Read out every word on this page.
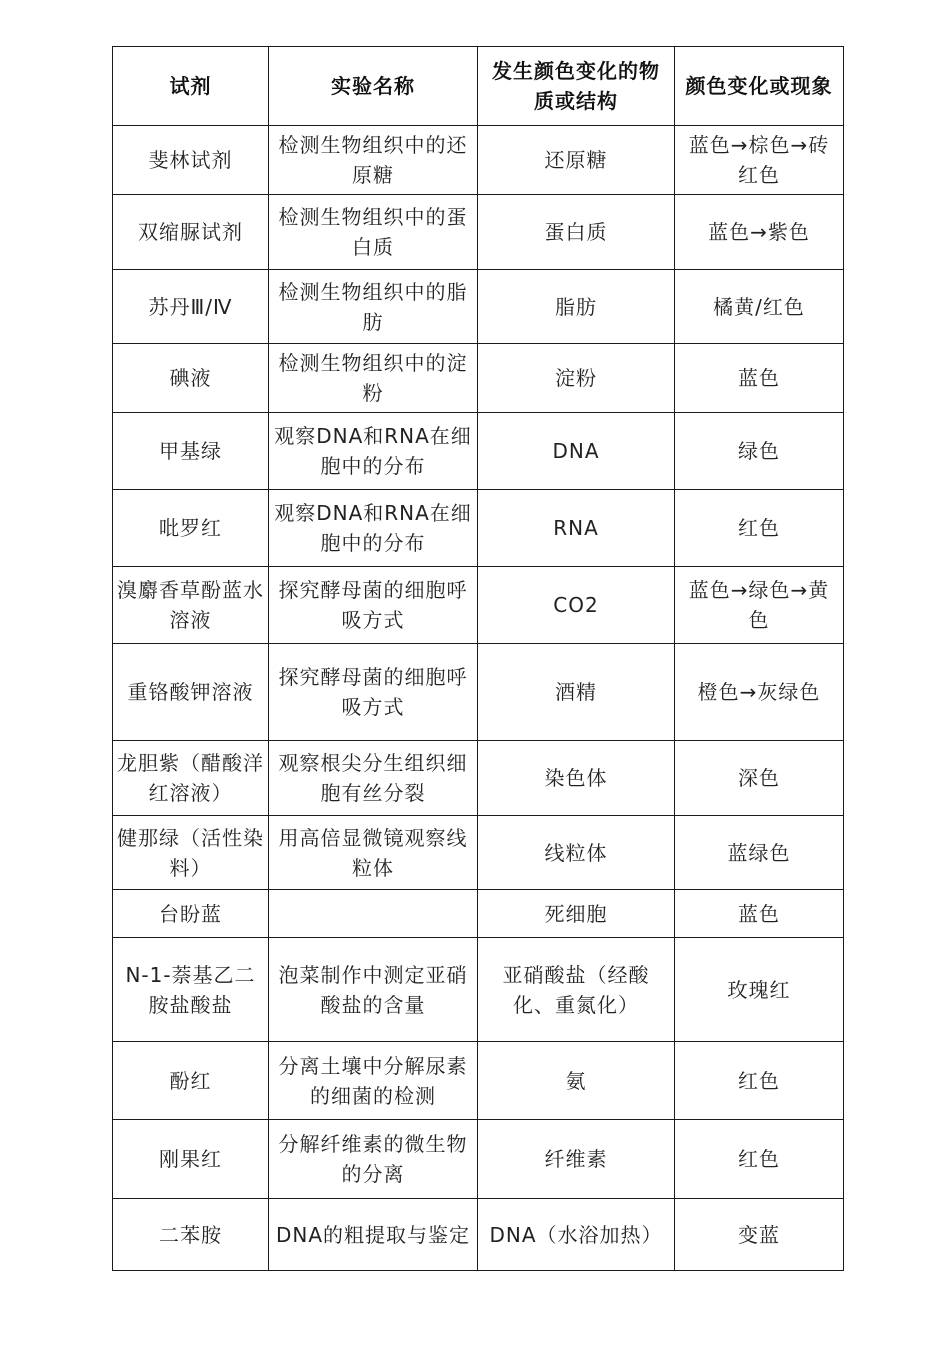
试剂	实验名称	发生颜色变化的物质或结构	颜色变化或现象
斐林试剂	检测生物组织中的还原糖	还原糖	蓝色→棕色→砖红色
双缩脲试剂	检测生物组织中的蛋白质	蛋白质	蓝色→紫色
苏丹Ⅲ/Ⅳ	检测生物组织中的脂肪	脂肪	橘黄/红色
碘液	检测生物组织中的淀粉	淀粉	蓝色
甲基绿	观察DNA和RNA在细胞中的分布	DNA	绿色
吡罗红	观察DNA和RNA在细胞中的分布	RNA	红色
溴麝香草酚蓝水溶液	探究酵母菌的细胞呼吸方式	CO2	蓝色→绿色→黄色
重铬酸钾溶液	探究酵母菌的细胞呼吸方式	酒精	橙色→灰绿色
龙胆紫（醋酸洋红溶液）	观察根尖分生组织细胞有丝分裂	染色体	深色
健那绿（活性染料）	用高倍显微镜观察线粒体	线粒体	蓝绿色
台盼蓝		死细胞	蓝色
N-1-萘基乙二胺盐酸盐	泡菜制作中测定亚硝酸盐的含量	亚硝酸盐（经酸化、重氮化）	玫瑰红
酚红	分离土壤中分解尿素的细菌的检测	氨	红色
刚果红	分解纤维素的微生物的分离	纤维素	红色
二苯胺	DNA的粗提取与鉴定	DNA（水浴加热）	变蓝
